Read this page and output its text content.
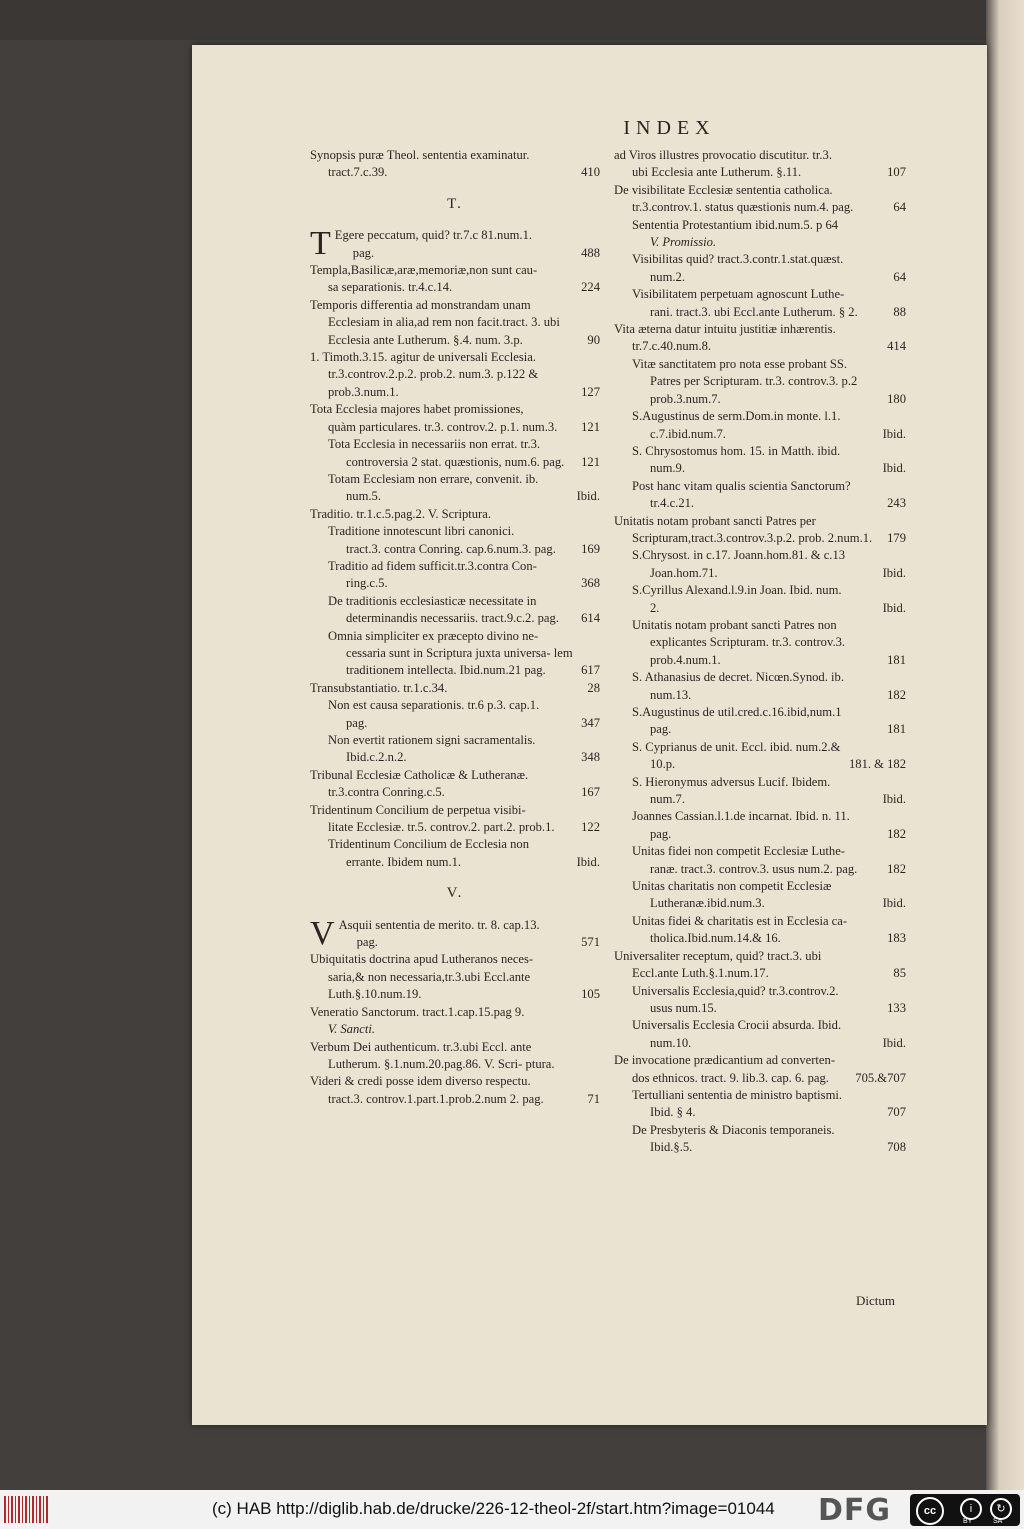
INDEX
Synopsis puræ Theol. sententia examinatur.
tract.7.c.39.	410
T.
T Egere peccatum, quid? tr.7.c 81.num.1.
pag.	488
Templa,Basilicæ,aræ,memoriæ,non sunt cau-
sa separationis. tr.4.c.14.	224
Temporis differentia ad monstrandam unam
Ecclesiam in alia,ad rem non facit.tract. 3. ubi Ecclesia ante Lutherum. §.4. num. 3.p.	90
1. Timoth.3.15. agitur de universali Ecclesia.
tr.3.controv.2.p.2. prob.2. num.3. p.122 & prob.3.num.1.	127
Tota Ecclesia majores habet promissiones,
quàm particulares. tr.3. controv.2. p.1. num.3.	121
Tota Ecclesia in necessariis non errat. tr.3.
controversia 2 stat. quæstionis, num.6. pag.	121
Totam Ecclesiam non errare, convenit. ib.
num.5.	Ibid.
Traditio. tr.1.c.5.pag.2. V. Scriptura.
Traditione innotescunt libri canonici.
tract.3. contra Conring. cap.6.num.3. pag.	169
Traditio ad fidem sufficit.tr.3.contra Con-
ring.c.5.	368
De traditionis ecclesiasticæ necessitate in
determinandis necessariis. tract.9.c.2. pag.	614
Omnia simpliciter ex præcepto divino ne-
cessaria sunt in Scriptura juxta universa- lem traditionem intellecta. Ibid.num.21 pag.	617
Transubstantiatio. tr.1.c.34.	28
Non est causa separationis. tr.6 p.3. cap.1.
pag.	347
Non evertit rationem signi sacramentalis.
Ibid.c.2.n.2.	348
Tribunal Ecclesiæ Catholicæ & Lutheranæ.
tr.3.contra Conring.c.5.	167
Tridentinum Concilium de perpetua visibi-
litate Ecclesiæ. tr.5. controv.2. part.2. prob.1.	122
Tridentinum Concilium de Ecclesia non
errante. Ibidem num.1.	Ibid.
V.
V Asquii sententia de merito. tr. 8. cap.13.
pag.	571
Ubiquitatis doctrina apud Lutheranos neces-
saria,& non necessaria,tr.3.ubi Eccl.ante Luth.§.10.num.19.	105
Veneratio Sanctorum. tract.1.cap.15.pag 9.
V. Sancti.
Verbum Dei authenticum. tr.3.ubi Eccl. ante
Lutherum. §.1.num.20.pag.86. V. Scri- ptura.
Videri & credi posse idem diverso respectu.
tract.3. controv.1.part.1.prob.2.num 2. pag.	71
ad Viros illustres provocatio discutitur. tr.3.
ubi Ecclesia ante Lutherum. §.11.	107
De visibilitate Ecclesiæ sententia catholica.
tr.3.controv.1. status quæstionis num.4. pag.	64
Sententia Protestantium ibid.num.5. p 64
V. Promissio.
Visibilitas quid? tract.3.contr.1.stat.quæst.
num.2.	64
Visibilitatem perpetuam agnoscunt Luthe-
rani. tract.3. ubi Eccl.ante Lutherum. § 2.	88
Vita æterna datur intuitu justitiæ inhærentis.
tr.7.c.40.num.8.	414
Vitæ sanctitatem pro nota esse probant SS.
Patres per Scripturam. tr.3. controv.3. p.2 prob.3.num.7.	180
S.Augustinus de serm.Dom.in monte. l.1.
c.7.ibid.num.7.	Ibid.
S. Chrysostomus hom. 15. in Matth. ibid.
num.9.	Ibid.
Post hanc vitam qualis scientia Sanctorum?
tr.4.c.21.	243
Unitatis notam probant sancti Patres per
Scripturam,tract.3.controv.3.p.2. prob. 2.num.1.	179
S.Chrysost. in c.17. Joann.hom.81. & c.13
Joan.hom.71.	Ibid.
S.Cyrillus Alexand.l.9.in Joan. Ibid. num.
2.	Ibid.
Unitatis notam probant sancti Patres non
explicantes Scripturam. tr.3. controv.3. prob.4.num.1.	181
S. Athanasius de decret. Nicœn.Synod. ib.
num.13.	182
S.Augustinus de util.cred.c.16.ibid,num.1
pag.	181
S. Cyprianus de unit. Eccl. ibid. num.2.&
10.p.	181. & 182
S. Hieronymus adversus Lucif. Ibidem.
num.7.	Ibid.
Joannes Cassian.l.1.de incarnat. Ibid. n. 11.
pag.	182
Unitas fidei non competit Ecclesiæ Luthe-
ranæ. tract.3. controv.3. usus num.2. pag.	182
Unitas charitatis non competit Ecclesiæ
Lutheranæ.ibid.num.3.	Ibid.
Unitas fidei & charitatis est in Ecclesia ca-
tholica.Ibid.num.14.& 16.	183
Universaliter receptum, quid? tract.3. ubi
Eccl.ante Luth.§.1.num.17.	85
Universalis Ecclesia,quid? tr.3.controv.2.
usus num.15.	133
Universalis Ecclesia Crocii absurda. Ibid.
num.10.	Ibid.
De invocatione prædicantium ad converten-
dos ethnicos. tract. 9. lib.3. cap. 6. pag.	705.&707
Tertulliani sententia de ministro baptismi.
Ibid. § 4.	707
De Presbyteris & Diaconis temporaneis.
Ibid.§.5.	708
Dictum
(c) HAB http://diglib.hab.de/drucke/226-12-theol-2f/start.htm?image=01044 DFG	cc	i	↻
BY	SA
